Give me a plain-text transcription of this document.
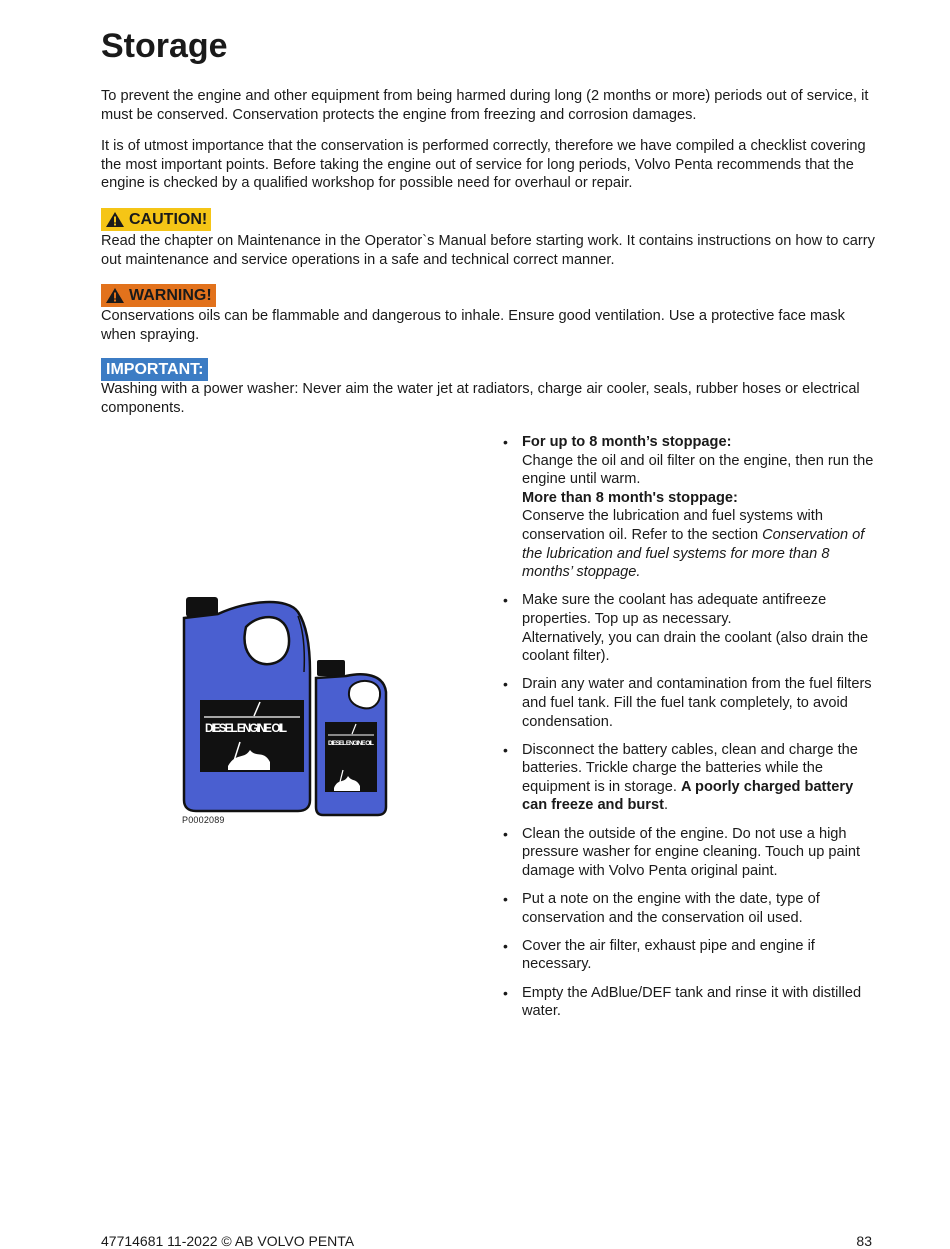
Storage

To prevent the engine and other equipment from being harmed during long (2 months or more) periods out of service, it must be conserved. Conservation protects the engine from freezing and corrosion damages.

It is of utmost importance that the conservation is performed correctly, therefore we have compiled a checklist covering the most important points. Before taking the engine out of service for long periods, Volvo Penta recommends that the engine is checked by a qualified workshop for possible need for overhaul or repair.

CAUTION!

Read the chapter on Maintenance in the Operator`s Manual before starting work. It contains instructions on how to carry out maintenance and service operations in a safe and technical correct manner.

WARNING!

Conservations oils can be flammable and dangerous to inhale. Ensure good ventilation. Use a protective face mask when spraying.

IMPORTANT:

Washing with a power washer: Never aim the water jet at radiators, charge air cooler, seals, rubber hoses or electrical components.

DIESEL ENGINE OIL
DIESEL ENGINE OIL
P0002089
• For up to 8 month’s stoppage:
Change the oil and oil filter on the engine, then run the engine until warm.
More than 8 month's stoppage:
Conserve the lubrication and fuel systems with conservation oil. Refer to the section Conservation of the lubrication and fuel systems for more than 8 months’ stoppage.
• Make sure the coolant has adequate antifreeze properties. Top up as necessary.
Alternatively, you can drain the coolant (also drain the coolant filter).
• Drain any water and contamination from the fuel filters and fuel tank. Fill the fuel tank completely, to avoid condensation.
• Disconnect the battery cables, clean and charge the batteries. Trickle charge the batteries while the equipment is in storage. A poorly charged battery can freeze and burst.
• Clean the outside of the engine. Do not use a high pressure washer for engine cleaning. Touch up paint damage with Volvo Penta original paint.
• Put a note on the engine with the date, type of conservation and the conservation oil used.
• Cover the air filter, exhaust pipe and engine if necessary.
• Empty the AdBlue/DEF tank and rinse it with distilled water.
47714681 11-2022 © AB VOLVO PENTA	83
